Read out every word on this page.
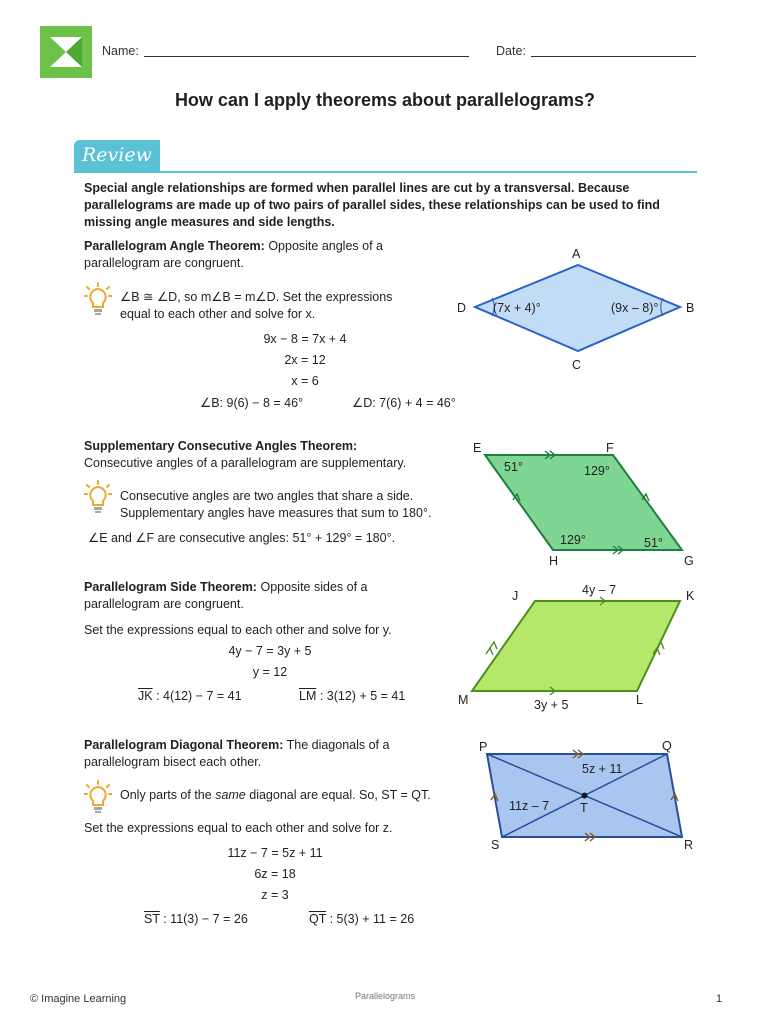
Name:	Date:
How can I apply theorems about parallelograms?
Review
Special angle relationships are formed when parallel lines are cut by a transversal. Because parallelograms are made up of two pairs of parallel sides, these relationships can be used to find missing angle measures and side lengths.
Parallelogram Angle Theorem: Opposite angles of a parallelogram are congruent.
∠B ≅ ∠D, so m∠B = m∠D. Set the expressions
equal to each other and solve for x.
9x − 8 = 7x + 4
2x = 12
x = 6
∠B: 9(6) − 8 = 46°	∠D: 7(6) + 4 = 46°
A
B
C
D (7x + 4)°	(9x – 8)°
Supplementary Consecutive Angles Theorem:
Consecutive angles of a parallelogram are supplementary.
Consecutive angles are two angles that share a side.
Supplementary angles have measures that sum to 180°.
∠E and ∠F are consecutive angles: 51° + 129° = 180°.
E	F
G
H
51°	129°
129°	51°
Parallelogram Side Theorem: Opposite sides of a parallelogram are congruent.
Set the expressions equal to each other and solve for y.
4y − 7 = 3y + 5
y = 12
$\overline{JK}$ : 4(12) − 7 = 41	$\overline{LM}$ : 3(12) + 5 = 41
J	K
L
M
4y – 7
3y + 5
Parallelogram Diagonal Theorem: The diagonals of a parallelogram bisect each other.
Only parts of the same diagonal are equal. So, ST = QT.
Set the expressions equal to each other and solve for z.
11z − 7 = 5z + 11
6z = 18
z = 3
$\overline{ST}$ : 11(3) − 7 = 26	$\overline{QT}$ : 5(3) + 11 = 26
P	Q
R
S
T
5z + 11
11z – 7
© Imagine Learning	Parallelograms	1
